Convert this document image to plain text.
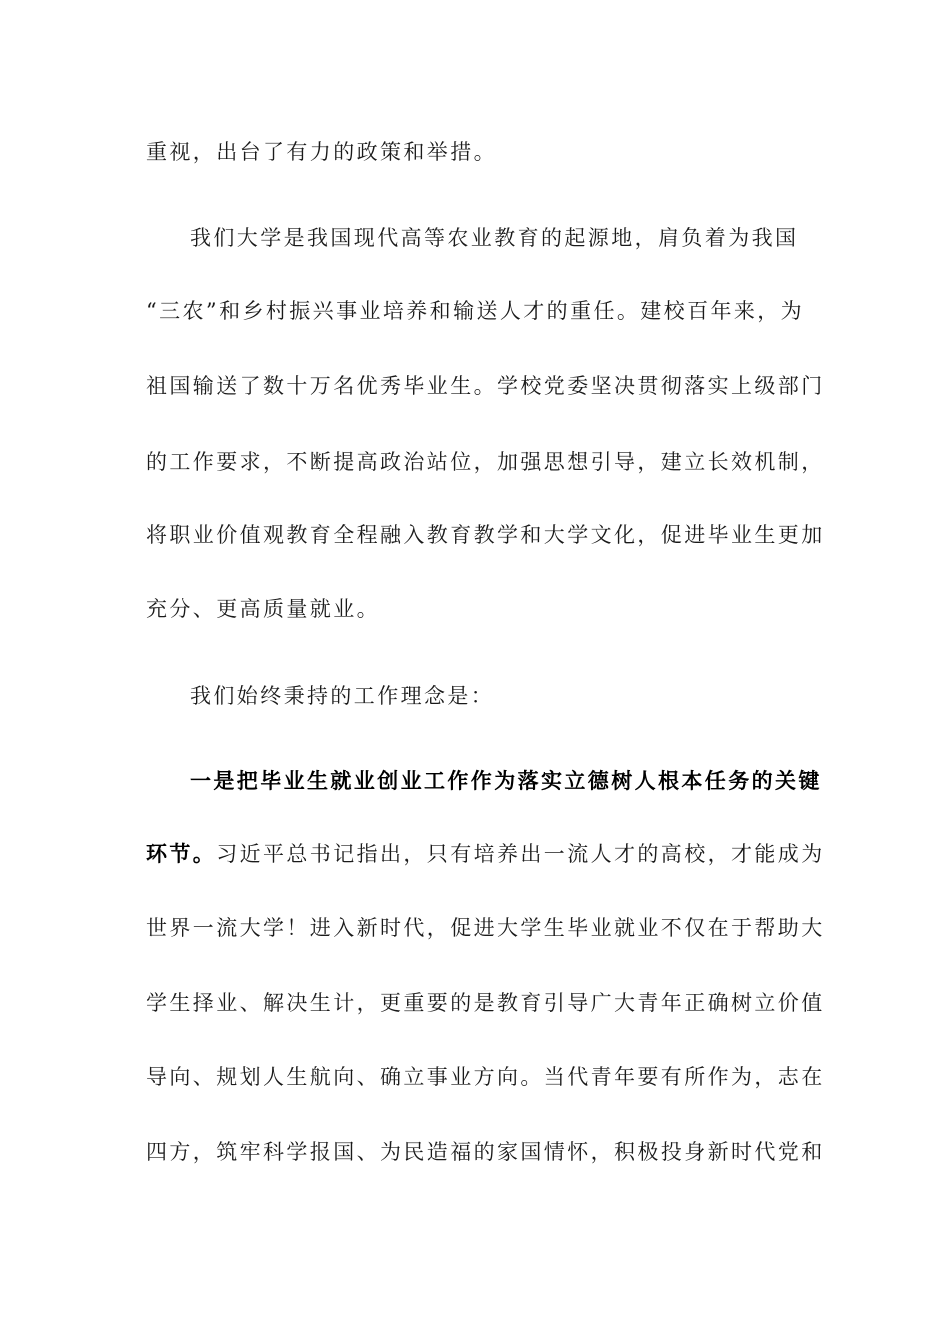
重视，出台了有力的政策和举措。
我们大学是我国现代高等农业教育的起源地，肩负着为我国
“三农”和乡村振兴事业培养和输送人才的重任。建校百年来，为
祖国输送了数十万名优秀毕业生。学校党委坚决贯彻落实上级部门
的工作要求，不断提高政治站位，加强思想引导，建立长效机制，
将职业价值观教育全程融入教育教学和大学文化，促进毕业生更加
充分、更高质量就业。
我们始终秉持的工作理念是：
一是把毕业生就业创业工作作为落实立德树人根本任务的关键
环节。习近平总书记指出，只有培养出一流人才的高校，才能成为
世界一流大学！进入新时代，促进大学生毕业就业不仅在于帮助大
学生择业、解决生计，更重要的是教育引导广大青年正确树立价值
导向、规划人生航向、确立事业方向。当代青年要有所作为，志在
四方，筑牢科学报国、为民造福的家国情怀，积极投身新时代党和
